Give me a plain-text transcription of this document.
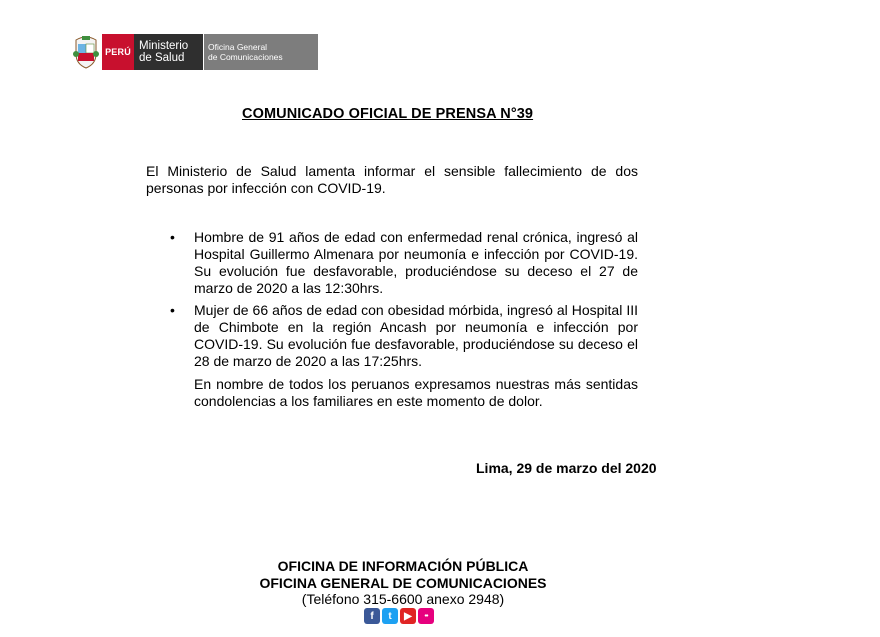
PERÚ Ministerio
de Salud
Oficina General
de Comunicaciones
COMUNICADO OFICIAL DE PRENSA N°39
El Ministerio de Salud lamenta informar el sensible fallecimiento de dos personas por infección con COVID-19.
• Hombre de 91 años de edad con enfermedad renal crónica, ingresó al Hospital Guillermo Almenara por neumonía e infección por COVID-19. Su evolución fue desfavorable, produciéndose su deceso el 27 de marzo de 2020 a las 12:30hrs.
• Mujer de 66 años de edad con obesidad mórbida, ingresó al Hospital III de Chimbote en la región Ancash por neumonía e infección por COVID-19. Su evolución fue desfavorable, produciéndose su deceso el 28 de marzo de 2020 a las 17:25hrs.
En nombre de todos los peruanos expresamos nuestras más sentidas condolencias a los familiares en este momento de dolor.
Lima, 29 de marzo del 2020
OFICINA DE INFORMACIÓN PÚBLICA
OFICINA GENERAL DE COMUNICACIONES
(Teléfono 315-6600 anexo 2948)
f	t	▶	••
